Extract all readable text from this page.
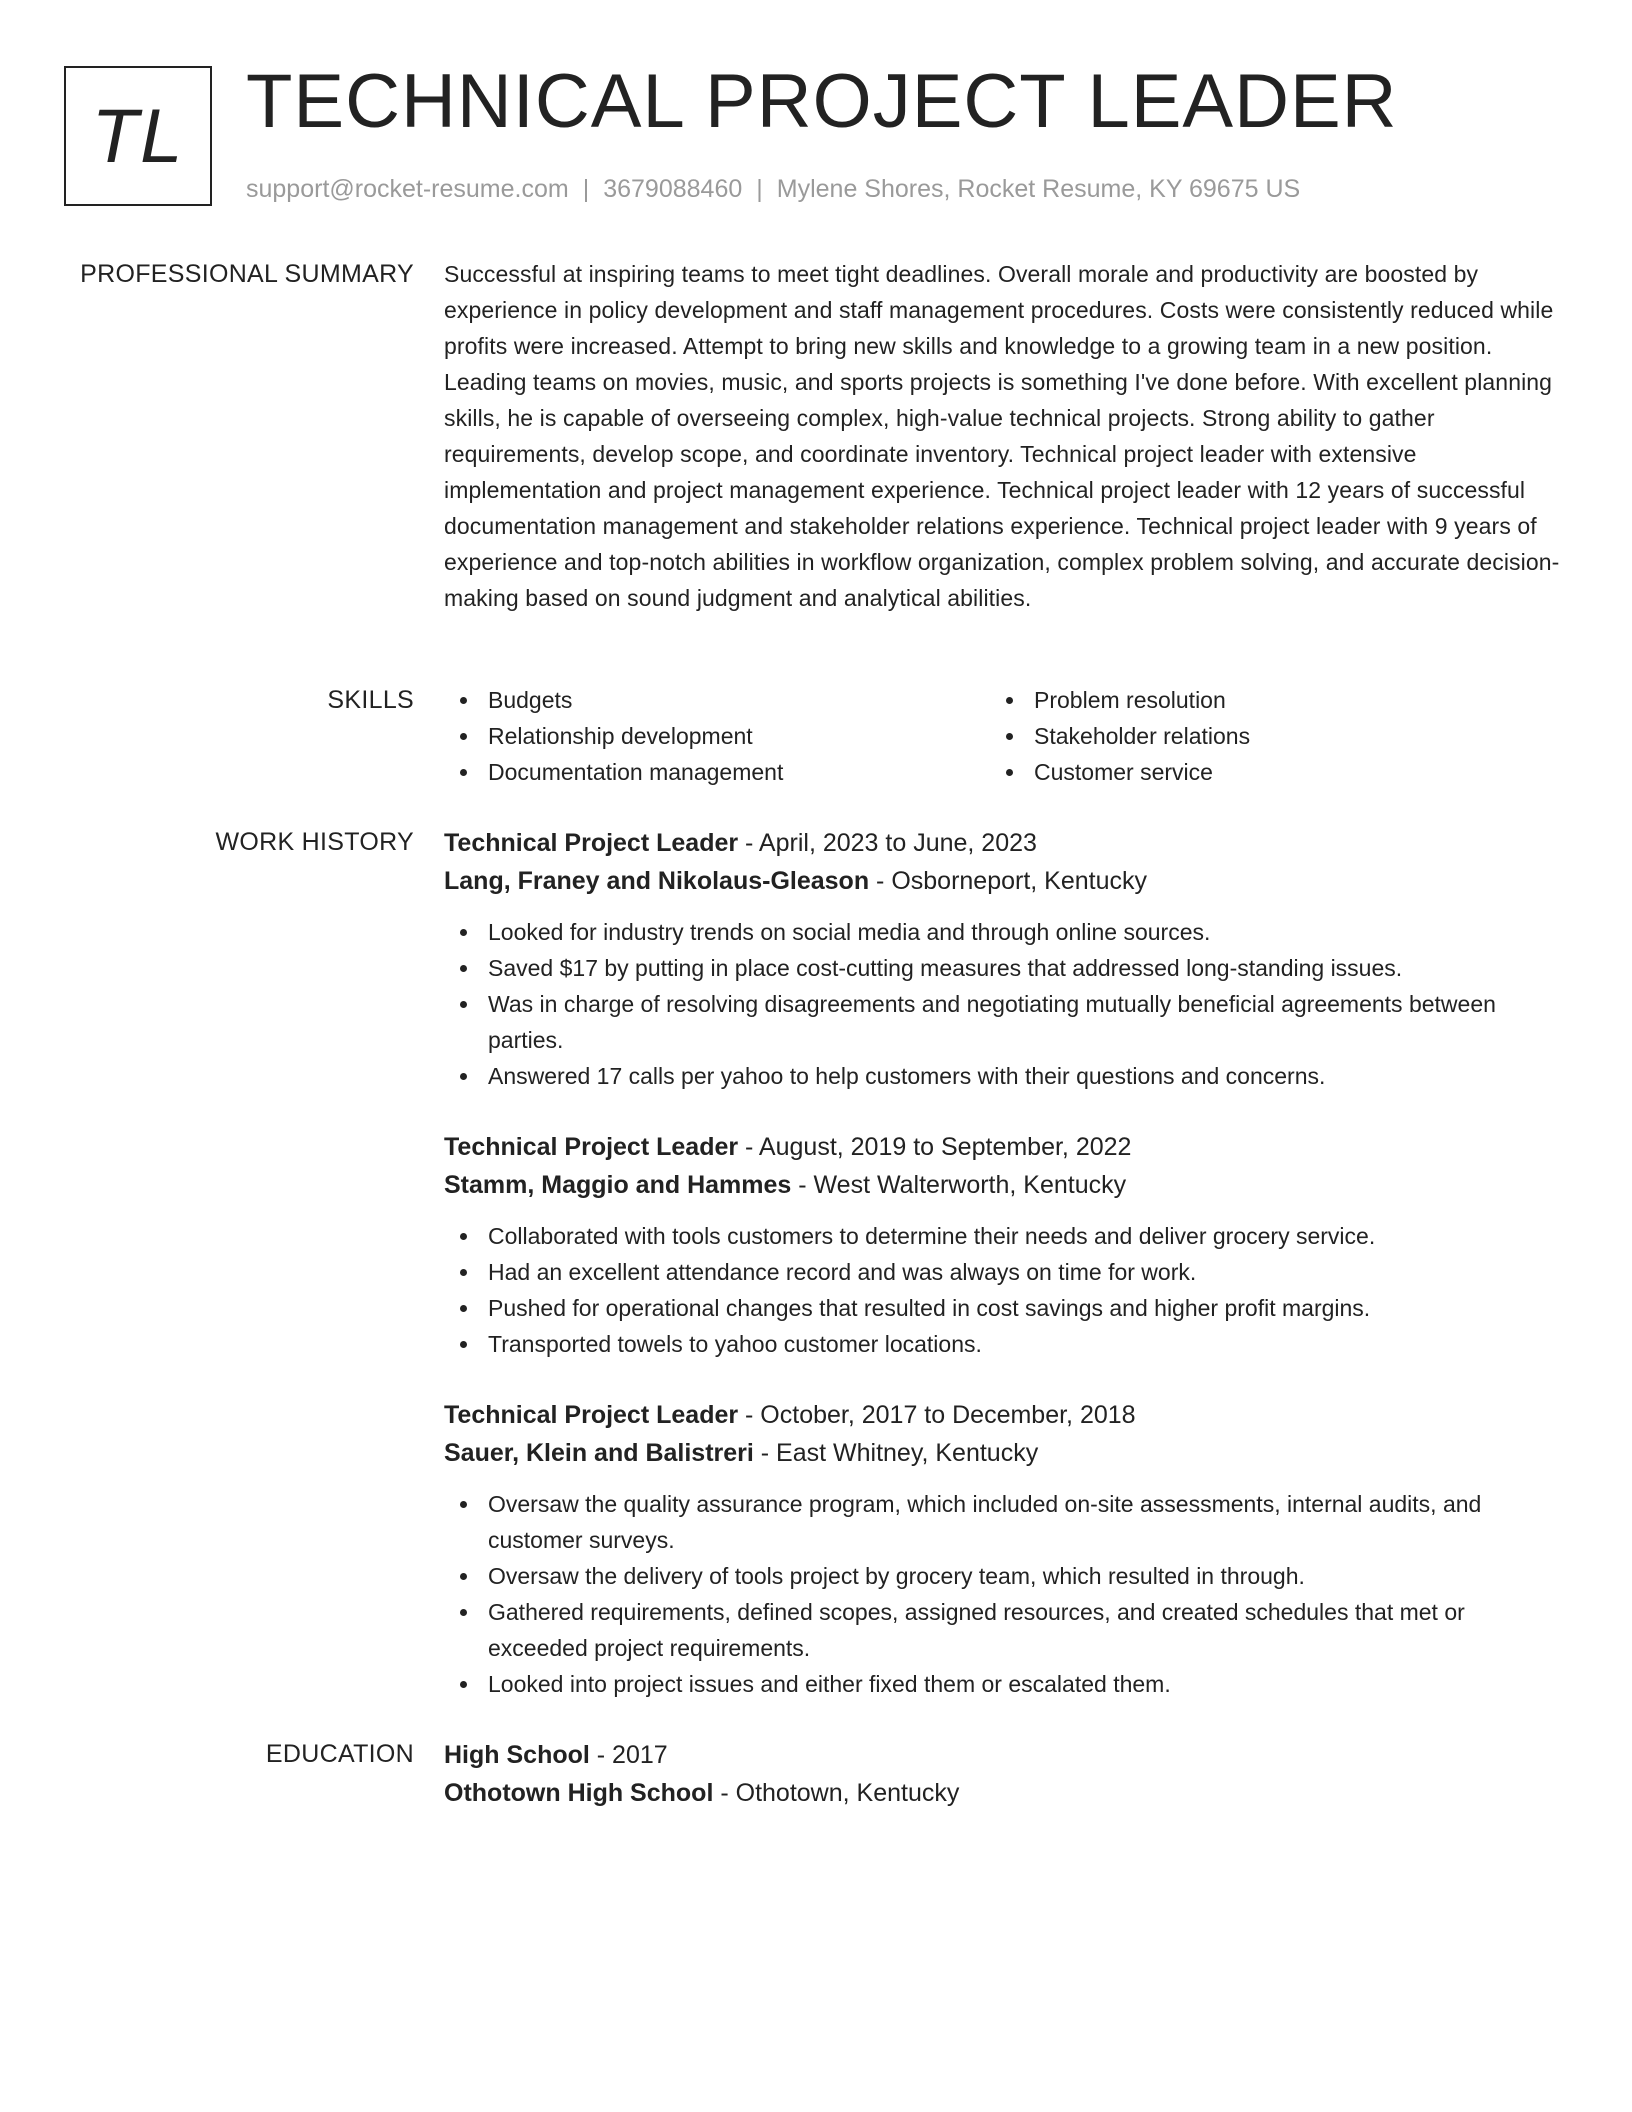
TL TECHNICAL PROJECT LEADER
support@rocket-resume.com | 3679088460 | Mylene Shores, Rocket Resume, KY 69675 US
PROFESSIONAL SUMMARY Successful at inspiring teams to meet tight deadlines. Overall morale and productivity are boosted by experience in policy development and staff management procedures. Costs were consistently reduced while profits were increased. Attempt to bring new skills and knowledge to a growing team in a new position. Leading teams on movies, music, and sports projects is something I've done before. With excellent planning skills, he is capable of overseeing complex, high-value technical projects. Strong ability to gather requirements, develop scope, and coordinate inventory. Technical project leader with extensive implementation and project management experience. Technical project leader with 12 years of successful documentation management and stakeholder relations experience. Technical project leader with 9 years of experience and top-notch abilities in workflow organization, complex problem solving, and accurate decision-making based on sound judgment and analytical abilities.

SKILLS	Budgets
Relationship development
Documentation management
Problem resolution
Stakeholder relations
Customer service
WORK HISTORY Technical Project Leader - April, 2023 to June, 2023
Lang, Franey and Nikolaus-Gleason - Osborneport, Kentucky
Looked for industry trends on social media and through online sources.
Saved $17 by putting in place cost-cutting measures that addressed long-standing issues.
Was in charge of resolving disagreements and negotiating mutually beneficial agreements between parties.
Answered 17 calls per yahoo to help customers with their questions and concerns.
Technical Project Leader - August, 2019 to September, 2022
Stamm, Maggio and Hammes - West Walterworth, Kentucky
Collaborated with tools customers to determine their needs and deliver grocery service.
Had an excellent attendance record and was always on time for work.
Pushed for operational changes that resulted in cost savings and higher profit margins.
Transported towels to yahoo customer locations.
Technical Project Leader - October, 2017 to December, 2018
Sauer, Klein and Balistreri - East Whitney, Kentucky
Oversaw the quality assurance program, which included on-site assessments, internal audits, and customer surveys.
Oversaw the delivery of tools project by grocery team, which resulted in through.
Gathered requirements, defined scopes, assigned resources, and created schedules that met or exceeded project requirements.
Looked into project issues and either fixed them or escalated them.
EDUCATION High School - 2017
Othotown High School - Othotown, Kentucky
